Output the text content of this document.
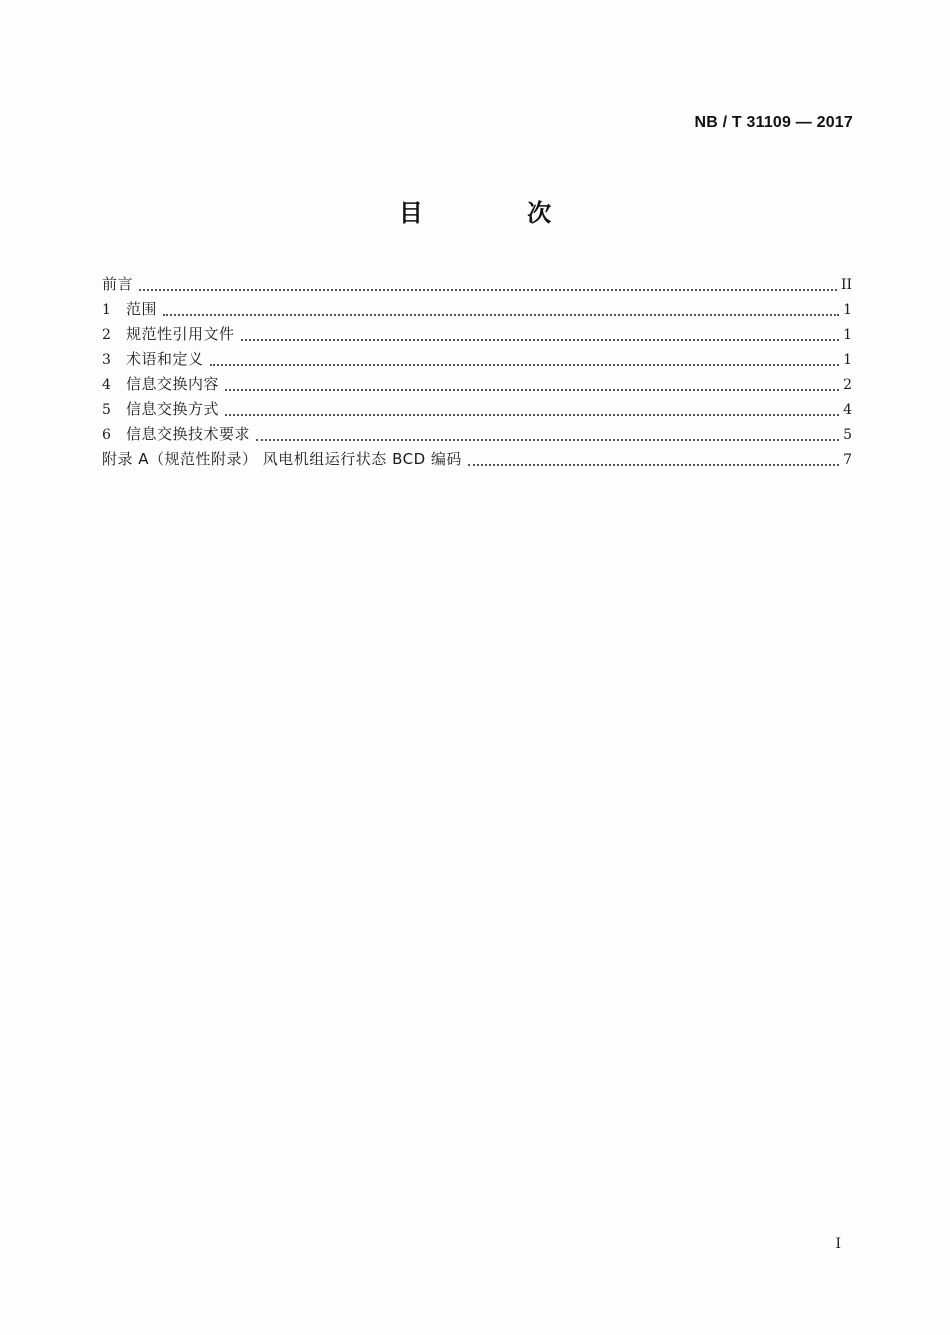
NB / T 31109 — 2017
目 次
前言	II
1	范围	1
2	规范性引用文件	1
3	术语和定义	1
4	信息交换内容	2
5	信息交换方式	4
6	信息交换技术要求	5
附录 A（规范性附录） 风电机组运行状态 BCD 编码	7
I
